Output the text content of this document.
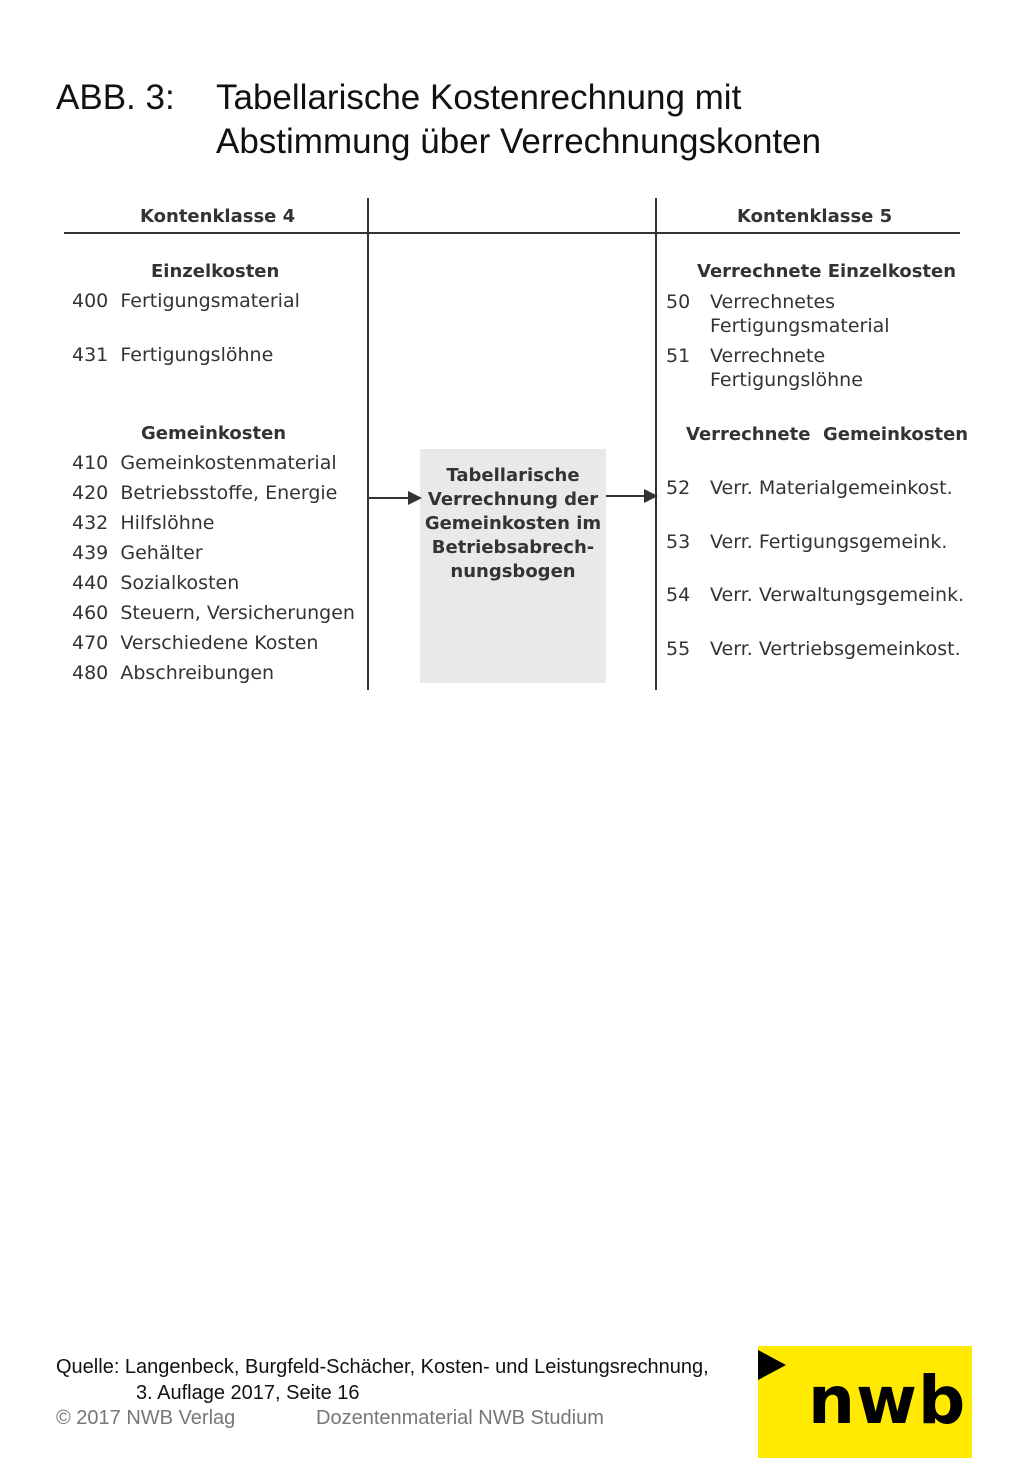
ABB. 3: Tabellarische Kostenrechnung mit
Abstimmung über Verrechnungskonten
Kontenklasse 4	Kontenklasse 5
Einzelkosten
400 Fertigungsmaterial
431 Fertigungslöhne
Gemeinkosten
410 Gemeinkostenmaterial
420 Betriebsstoffe, Energie
432 Hilfslöhne
439 Gehälter
440 Sozialkosten
460 Steuern, Versicherungen
470 Verschiedene Kosten
480 Abschreibungen
Tabellarische
Verrechnung der
Gemeinkosten im
Betriebsabrech-
nungsbogen
Verrechnete Einzelkosten
50 Verrechnetes
Fertigungsmaterial
51 Verrechnete
Fertigungslöhne
Verrechnete  Gemeinkosten
52 Verr. Materialgemeinkost.
53 Verr. Fertigungsgemeink.
54 Verr. Verwaltungsgemeink.
55 Verr. Vertriebsgemeinkost.
Quelle: Langenbeck, Burgfeld-Schächer, Kosten- und Leistungsrechnung,
3. Auflage 2017, Seite 16
© 2017 NWB Verlag	Dozentenmaterial NWB Studium	nwb
